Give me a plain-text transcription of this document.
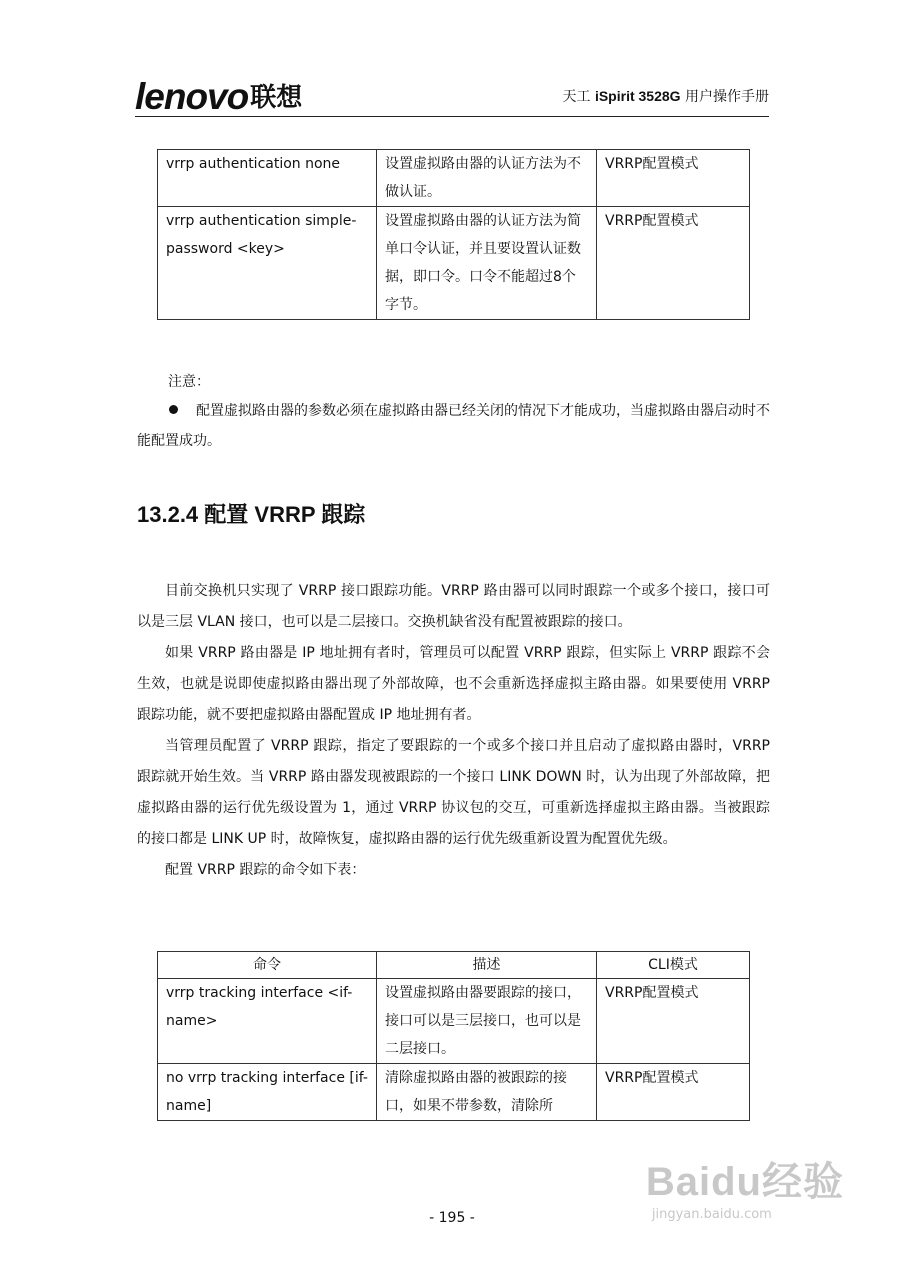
lenovo联想	天工 iSpirit 3528G 用户操作手册
vrrp authentication none	设置虚拟路由器的认证方法为不做认证。	VRRP配置模式
vrrp authentication simple-password <key>	设置虚拟路由器的认证方法为简单口令认证，并且要设置认证数据，即口令。口令不能超过8个字节。	VRRP配置模式
注意：
配置虚拟路由器的参数必须在虚拟路由器已经关闭的情况下才能成功，当虚拟路由器启动时不能配置成功。
13.2.4 配置 VRRP 跟踪

目前交换机只实现了 VRRP 接口跟踪功能。VRRP 路由器可以同时跟踪一个或多个接口，接口可以是三层 VLAN 接口，也可以是二层接口。交换机缺省没有配置被跟踪的接口。

如果 VRRP 路由器是 IP 地址拥有者时，管理员可以配置 VRRP 跟踪，但实际上 VRRP 跟踪不会生效，也就是说即使虚拟路由器出现了外部故障，也不会重新选择虚拟主路由器。如果要使用 VRRP 跟踪功能，就不要把虚拟路由器配置成 IP 地址拥有者。

当管理员配置了 VRRP 跟踪，指定了要跟踪的一个或多个接口并且启动了虚拟路由器时，VRRP 跟踪就开始生效。当 VRRP 路由器发现被跟踪的一个接口 LINK DOWN 时，认为出现了外部故障，把虚拟路由器的运行优先级设置为 1，通过 VRRP 协议包的交互，可重新选择虚拟主路由器。当被跟踪的接口都是 LINK UP 时，故障恢复，虚拟路由器的运行优先级重新设置为配置优先级。

配置 VRRP 跟踪的命令如下表：

命令	描述	CLI模式
vrrp tracking interface <if-name>	设置虚拟路由器要跟踪的接口，接口可以是三层接口，也可以是二层接口。	VRRP配置模式
no vrrp tracking interface [if-name]	清除虚拟路由器的被跟踪的接口，如果不带参数，清除所	VRRP配置模式
- 195 -
Baidu经验
jingyan.baidu.com
